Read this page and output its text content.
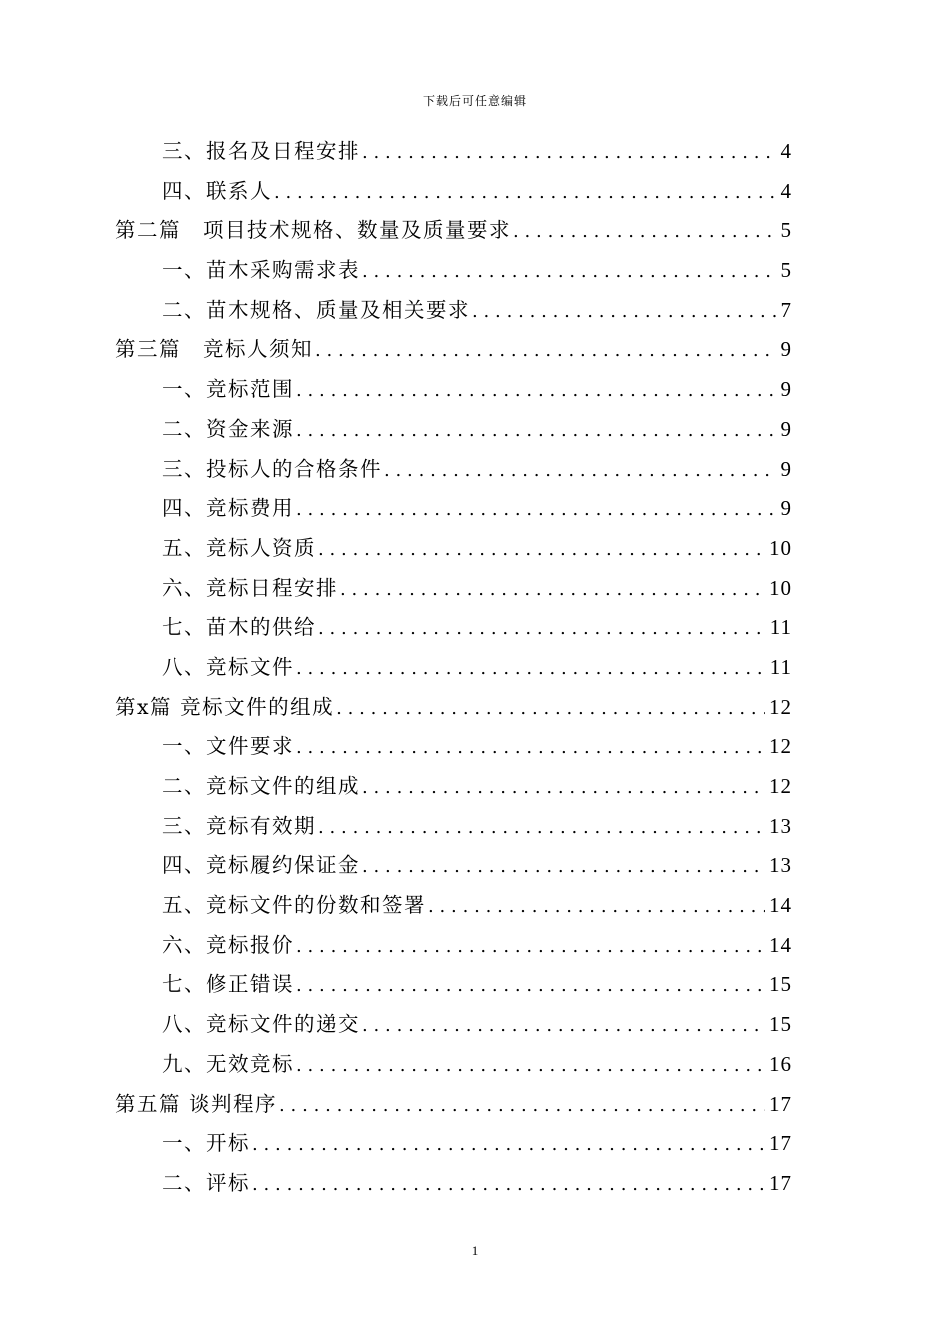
下载后可任意编辑
三、报名及日程安排 .....	4
四、联系人 .....	4
第二篇　项目技术规格、数量及质量要求 .....	5
一、苗木采购需求表 .....	5
二、苗木规格、质量及相关要求 .....	7
第三篇　竞标人须知 .....	9
一、竞标范围 .....	9
二、资金来源 .....	9
三、投标人的合格条件 .....	9
四、竞标费用 .....	9
五、竞标人资质 .....	10
六、竞标日程安排 .....	10
七、苗木的供给 .....	11
八、竞标文件 .....	11
第x篇 竞标文件的组成 .....	12
一、文件要求 .....	12
二、竞标文件的组成 .....	12
三、竞标有效期 .....	13
四、竞标履约保证金 .....	13
五、竞标文件的份数和签署 .....	14
六、竞标报价 .....	14
七、修正错误 .....	15
八、竞标文件的递交 .....	15
九、无效竞标 .....	16
第五篇 谈判程序 .....	17
一、开标 .....	17
二、评标 .....	17
1
